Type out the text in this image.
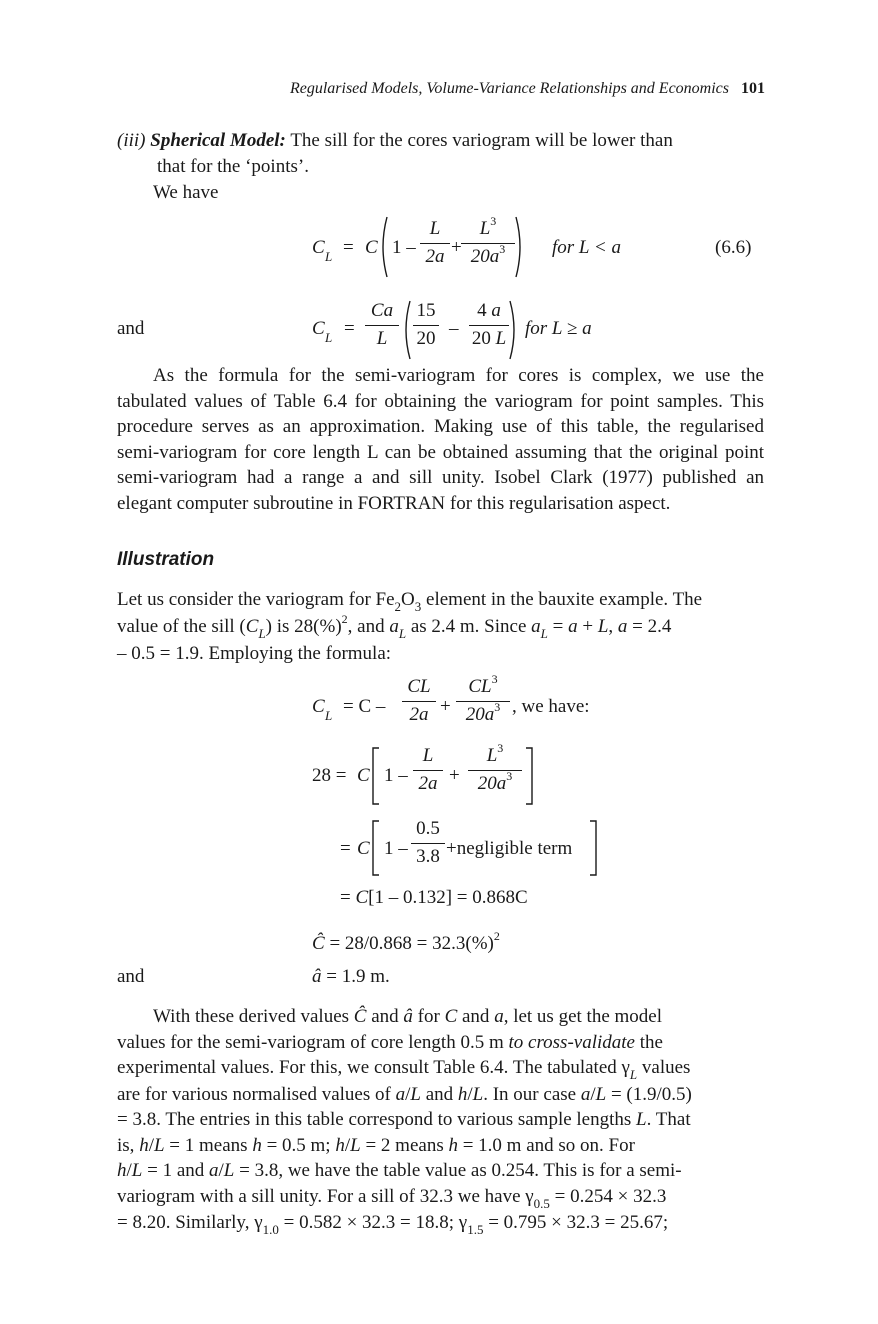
Regularised Models, Volume-Variance Relationships and Economics 101
(iii) Spherical Model: The sill for the cores variogram will be lower than
that for the ‘points’.
We have
C $_L$ = C 1 –
L
2a +
$L^3$
$20a^3$	for L < a	(6.6)
and	C $_L$ =
Ca
L
15
20 –
4 a
20 L for L ≥ a
As the formula for the semi-variogram for cores is complex, we use the tabulated values of Table 6.4 for obtaining the variogram for point samples. This procedure serves as an approximation. Making use of this table, the regularised semi-variogram for core length L can be obtained assuming that the original point semi-variogram had a range a and sill unity. Isobel Clark (1977) published an elegant computer subroutine in FORTRAN for this regularisation aspect.
Illustration
Let us consider the variogram for $Fe_2O_3$ element in the bauxite example. The
value of the sill $(C_L)$ is 28(%)$^2$, and $a_L$ as 2.4 m. Since $a_L = a + L$, a = 2.4
– 0.5 = 1.9. Employing the formula:
C $_L$ = C –
CL
2a +
$CL^3$
$20a^3$ , we have:
28 = C 1 –
L
2a +
$L^3$
$20a^3$
= C 1 –
0.5
3.8 +negligible term
= C[1 – 0.132] = 0.868C
Ĉ = 28/0.868 = 32.3(%)$^2$
and	â = 1.9 m.
With these derived values Ĉ and â for C and a, let us get the model
values for the semi-variogram of core length 0.5 m to cross-validate the
experimental values. For this, we consult Table 6.4. The tabulated $\gamma_L$ values
are for various normalised values of a/L and h/L. In our case a/L = (1.9/0.5)
= 3.8. The entries in this table correspond to various sample lengths L. That
is, h/L = 1 means h = 0.5 m; h/L = 2 means h = 1.0 m and so on. For
h/L = 1 and a/L = 3.8, we have the table value as 0.254. This is for a semi-
variogram with a sill unity. For a sill of 32.3 we have $\gamma_{0.5} = 0.254 \times 32.3$
= 8.20. Similarly, $\gamma_{1.0} = 0.582 \times 32.3 = 18.8$; $\gamma_{1.5} = 0.795 \times 32.3 = 25.67$;
